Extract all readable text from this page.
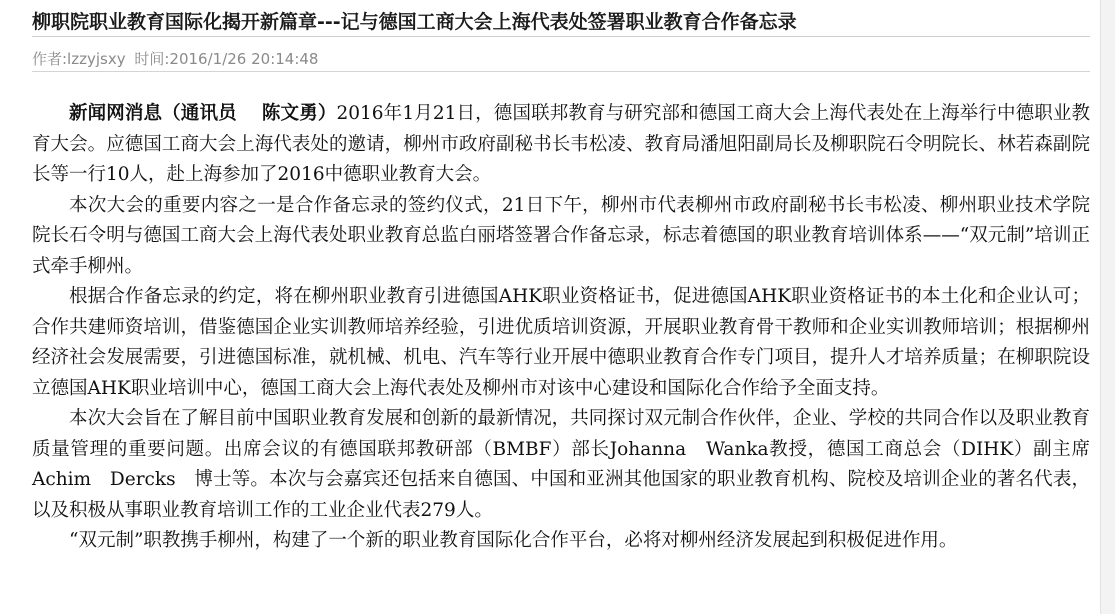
柳职院职业教育国际化揭开新篇章---记与德国工商大会上海代表处签署职业教育合作备忘录
作者:lzzyjsxy 时间:2016/1/26 20:14:48

新闻网消息（通讯员　 陈文勇）2016年1月21日，德国联邦教育与研究部和德国工商大会上海代表处在上海举行中德职业教育大会。应德国工商大会上海代表处的邀请，柳州市政府副秘书长韦松凌、教育局潘旭阳副局长及柳职院石令明院长、林若森副院长等一行10人，赴上海参加了2016中德职业教育大会。

本次大会的重要内容之一是合作备忘录的签约仪式，21日下午，柳州市代表柳州市政府副秘书长韦松凌、柳州职业技术学院院长石令明与德国工商大会上海代表处职业教育总监白丽塔签署合作备忘录，标志着德国的职业教育培训体系——“双元制”培训正式牵手柳州。

根据合作备忘录的约定，将在柳州职业教育引进德国AHK职业资格证书，促进德国AHK职业资格证书的本土化和企业认可；合作共建师资培训，借鉴德国企业实训教师培养经验，引进优质培训资源，开展职业教育骨干教师和企业实训教师培训；根据柳州经济社会发展需要，引进德国标准，就机械、机电、汽车等行业开展中德职业教育合作专门项目，提升人才培养质量；在柳职院设立德国AHK职业培训中心，德国工商大会上海代表处及柳州市对该中心建设和国际化合作给予全面支持。

本次大会旨在了解目前中国职业教育发展和创新的最新情况，共同探讨双元制合作伙伴，企业、学校的共同合作以及职业教育质量管理的重要问题。出席会议的有德国联邦教研部（BMBF）部长Johanna　Wanka教授，德国工商总会（DIHK）副主席Achim　Dercks　博士等。本次与会嘉宾还包括来自德国、中国和亚洲其他国家的职业教育机构、院校及培训企业的著名代表，以及积极从事职业教育培训工作的工业企业代表279人。

“双元制”职教携手柳州，构建了一个新的职业教育国际化合作平台，必将对柳州经济发展起到积极促进作用。
